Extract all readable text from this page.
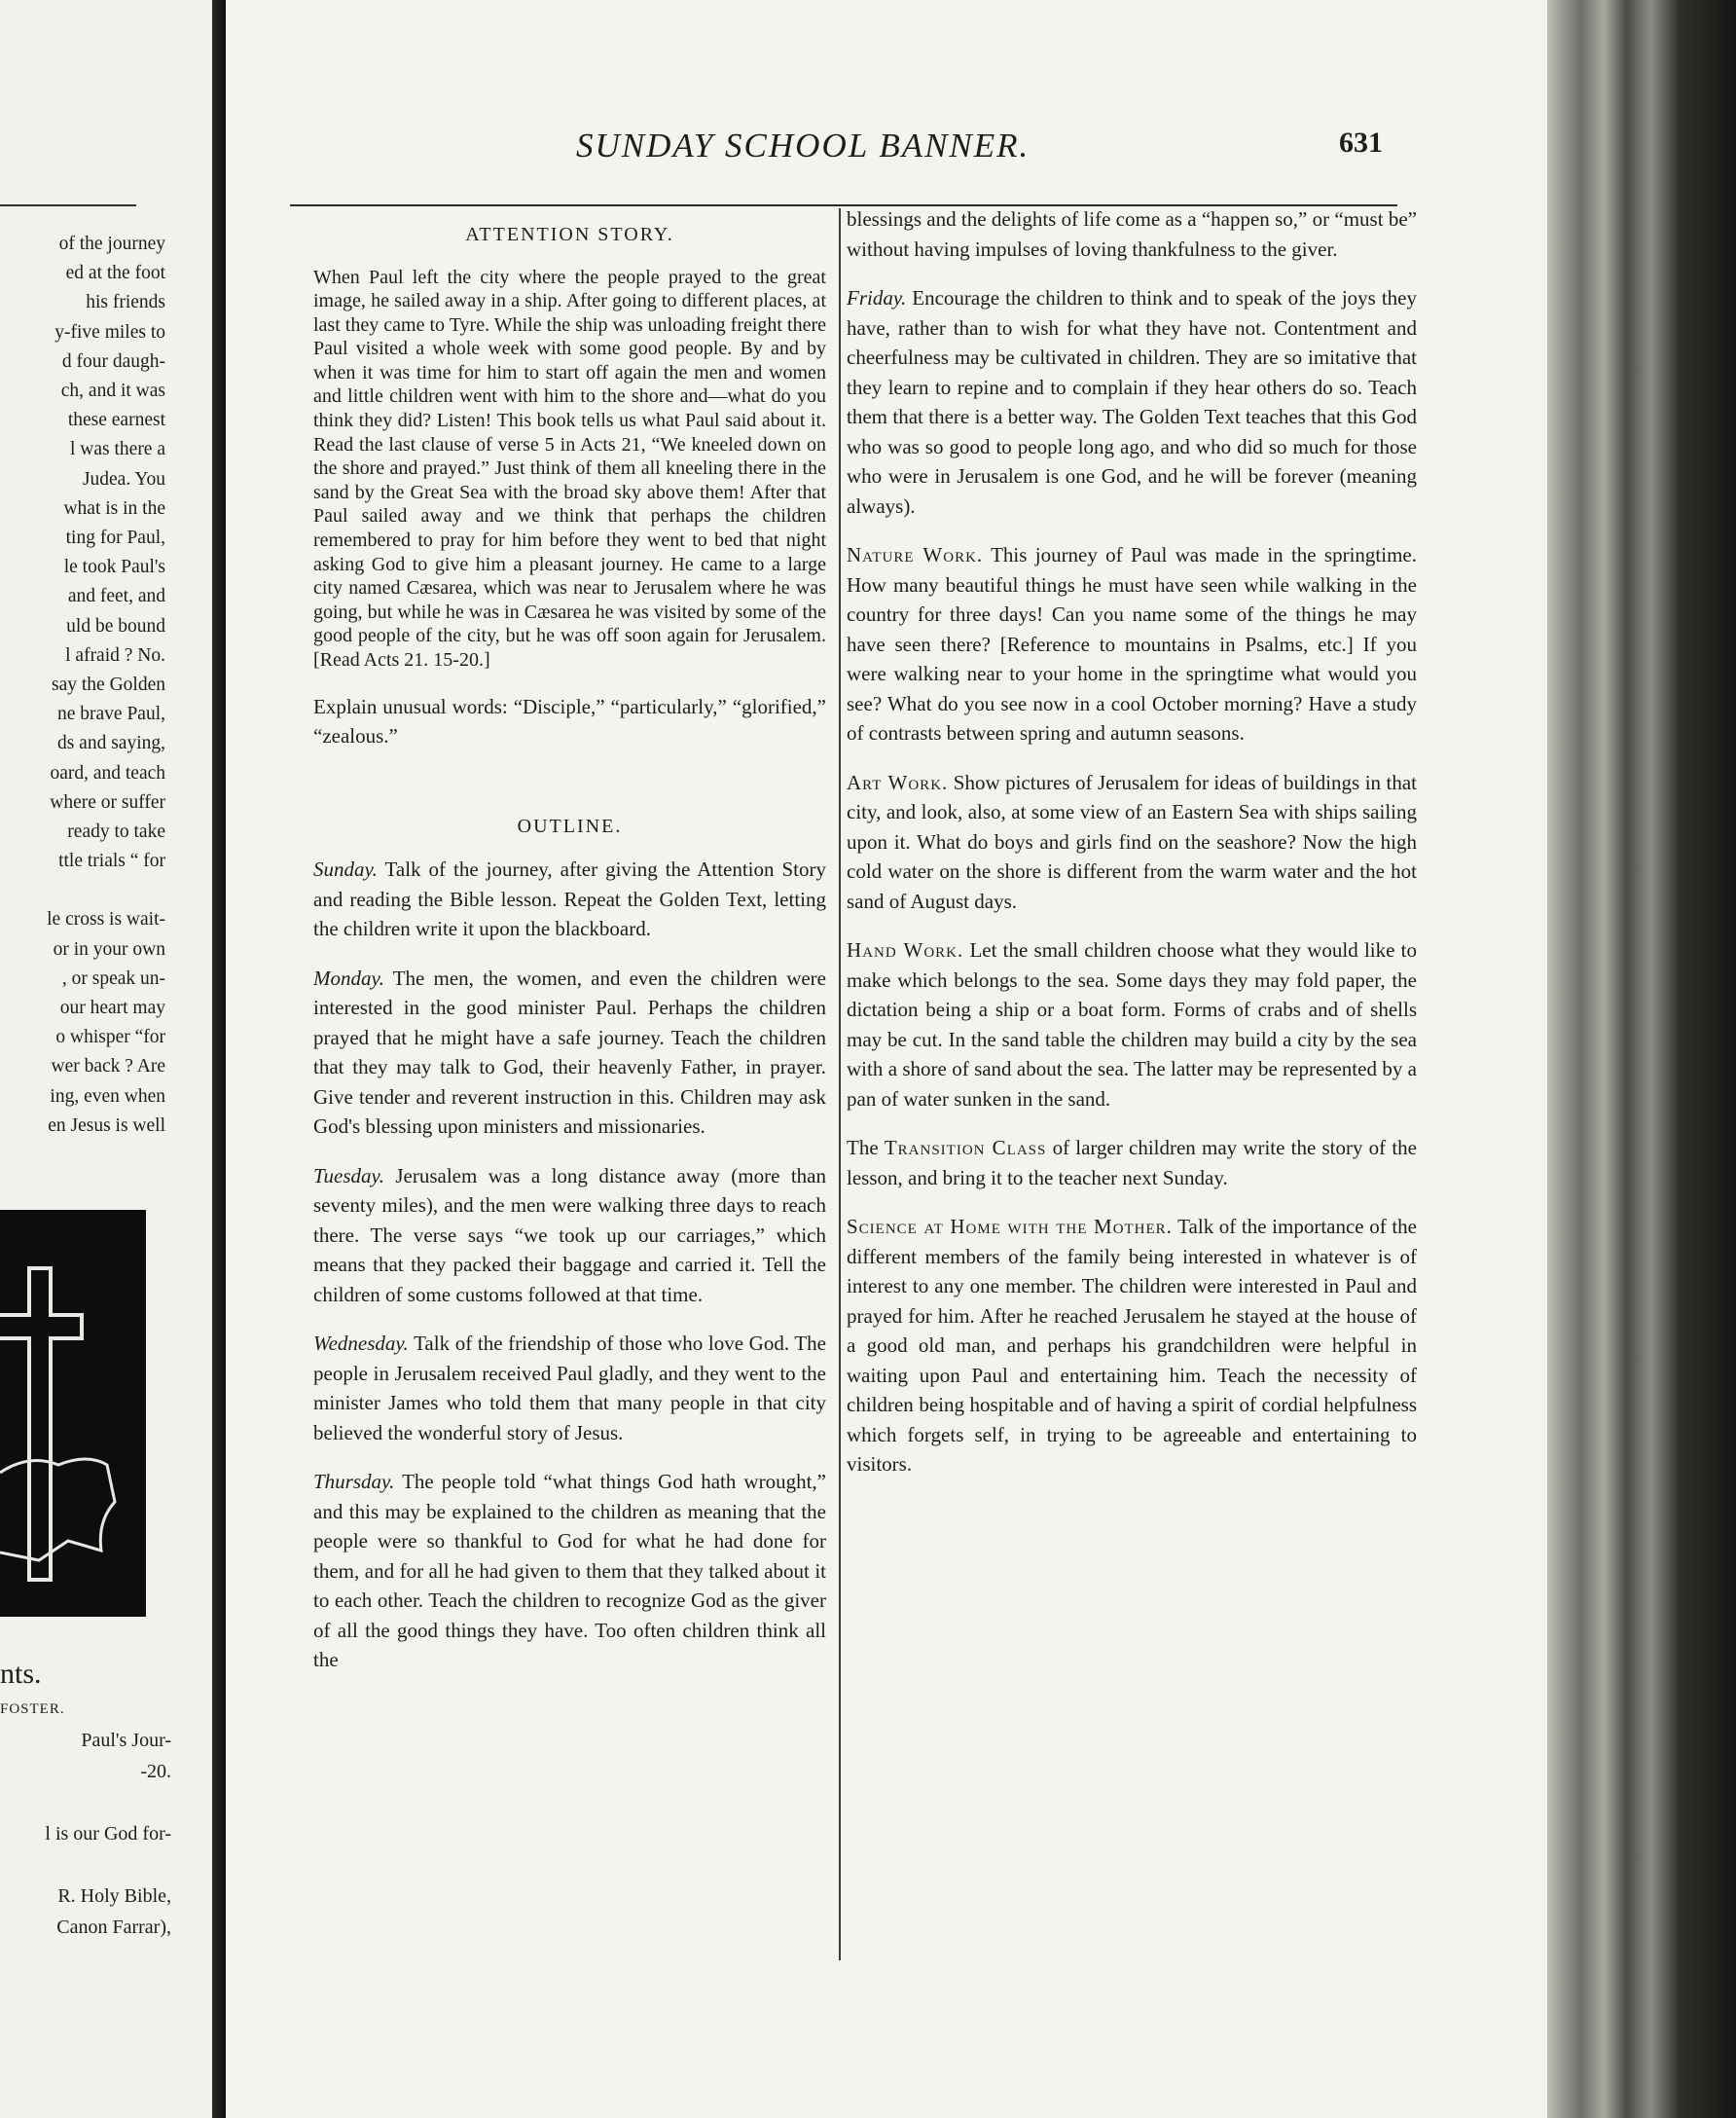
of the journey
ed at the foot
his friends
y-five miles to
d four daugh-
ch, and it was
these earnest
l was there a
Judea. You
what is in the
ting for Paul,
le took Paul's
and feet, and
uld be bound
l afraid ? No.
say the Golden
ne brave Paul,
ds and saying,
oard, and teach
where or suffer
ready to take
ttle trials “ for
le cross is wait-
or in your own
, or speak un-
our heart may
o whisper “for
wer back ? Are
ing, even when
en Jesus is well
nts.
FOSTER.
Paul's Jour-
-20.

l is our God for-

R. Holy Bible,
Canon Farrar),
SUNDAY SCHOOL BANNER.	631
ATTENTION STORY.

When Paul left the city where the people prayed to the great image, he sailed away in a ship. After going to different places, at last they came to Tyre. While the ship was unloading freight there Paul visited a whole week with some good people. By and by when it was time for him to start off again the men and women and little children went with him to the shore and—what do you think they did? Listen! This book tells us what Paul said about it. Read the last clause of verse 5 in Acts 21, “We kneeled down on the shore and prayed.” Just think of them all kneeling there in the sand by the Great Sea with the broad sky above them! After that Paul sailed away and we think that perhaps the children remembered to pray for him before they went to bed that night asking God to give him a pleasant journey. He came to a large city named Cæsarea, which was near to Jerusalem where he was going, but while he was in Cæsarea he was visited by some of the good people of the city, but he was off soon again for Jerusalem. [Read Acts 21. 15-20.]

Explain unusual words: “Disciple,” “particularly,” “glorified,” “zealous.”

OUTLINE.

Sunday. Talk of the journey, after giving the Attention Story and reading the Bible lesson. Repeat the Golden Text, letting the children write it upon the blackboard.

Monday. The men, the women, and even the children were interested in the good minister Paul. Perhaps the children prayed that he might have a safe journey. Teach the children that they may talk to God, their heavenly Father, in prayer. Give tender and reverent instruction in this. Children may ask God's blessing upon ministers and missionaries.

Tuesday. Jerusalem was a long distance away (more than seventy miles), and the men were walking three days to reach there. The verse says “we took up our carriages,” which means that they packed their baggage and carried it. Tell the children of some customs followed at that time.

Wednesday. Talk of the friendship of those who love God. The people in Jerusalem received Paul gladly, and they went to the minister James who told them that many people in that city believed the wonderful story of Jesus.

Thursday. The people told “what things God hath wrought,” and this may be explained to the children as meaning that the people were so thankful to God for what he had done for them, and for all he had given to them that they talked about it to each other. Teach the children to recognize God as the giver of all the good things they have. Too often children think all the

blessings and the delights of life come as a “happen so,” or “must be” without having impulses of loving thankfulness to the giver.

Friday. Encourage the children to think and to speak of the joys they have, rather than to wish for what they have not. Contentment and cheerfulness may be cultivated in children. They are so imitative that they learn to repine and to complain if they hear others do so. Teach them that there is a better way. The Golden Text teaches that this God who was so good to people long ago, and who did so much for those who were in Jerusalem is one God, and he will be forever (meaning always).

Nature Work. This journey of Paul was made in the springtime. How many beautiful things he must have seen while walking in the country for three days! Can you name some of the things he may have seen there? [Reference to mountains in Psalms, etc.] If you were walking near to your home in the springtime what would you see? What do you see now in a cool October morning? Have a study of contrasts between spring and autumn seasons.

Art Work. Show pictures of Jerusalem for ideas of buildings in that city, and look, also, at some view of an Eastern Sea with ships sailing upon it. What do boys and girls find on the seashore? Now the high cold water on the shore is different from the warm water and the hot sand of August days.

Hand Work. Let the small children choose what they would like to make which belongs to the sea. Some days they may fold paper, the dictation being a ship or a boat form. Forms of crabs and of shells may be cut. In the sand table the children may build a city by the sea with a shore of sand about the sea. The latter may be represented by a pan of water sunken in the sand.

The Transition Class of larger children may write the story of the lesson, and bring it to the teacher next Sunday.

Science at Home with the Mother. Talk of the importance of the different members of the family being interested in whatever is of interest to any one member. The children were interested in Paul and prayed for him. After he reached Jerusalem he stayed at the house of a good old man, and perhaps his grandchildren were helpful in waiting upon Paul and entertaining him. Teach the necessity of children being hospitable and of having a spirit of cordial helpfulness which forgets self, in trying to be agreeable and entertaining to visitors.
